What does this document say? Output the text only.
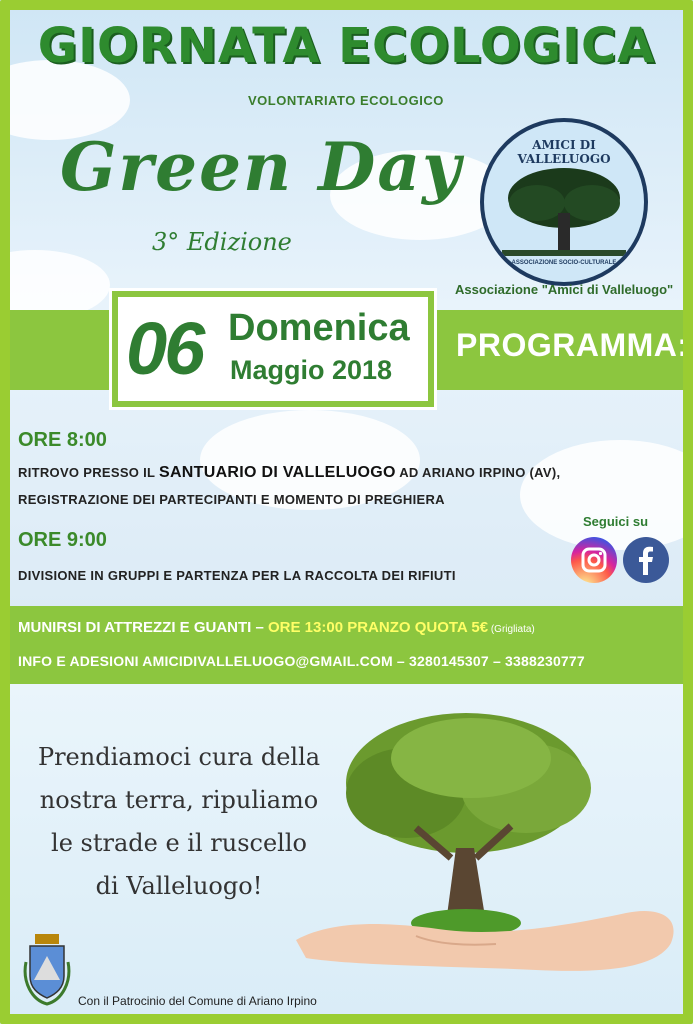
GIORNATA ECOLOGICA
VOLONTARIATO ECOLOGICO
Green Day
3° Edizione
AMICI DI VALLELUOGO
ASSOCIAZIONE SOCIO-CULTURALE
Associazione "Amici di Valleluogo"
06 Domenica
Maggio 2018
PROGRAMMA:
ORE 8:00
RITROVO PRESSO IL SANTUARIO DI VALLELUOGO AD ARIANO IRPINO (AV),
REGISTRAZIONE DEI PARTECIPANTI E MOMENTO DI PREGHIERA
ORE 9:00
DIVISIONE IN GRUPPI E PARTENZA PER LA RACCOLTA DEI RIFIUTI
Seguici su
MUNIRSI DI ATTREZZI E GUANTI – ORE 13:00 PRANZO QUOTA 5€ (Grigliata)
INFO E ADESIONI AMICIDIVALLELUOGO@GMAIL.COM – 3280145307 – 3388230777
Prendiamoci cura della
nostra terra, ripuliamo
le strade e il ruscello
di Valleluogo!
Con il Patrocinio del Comune di Ariano Irpino
